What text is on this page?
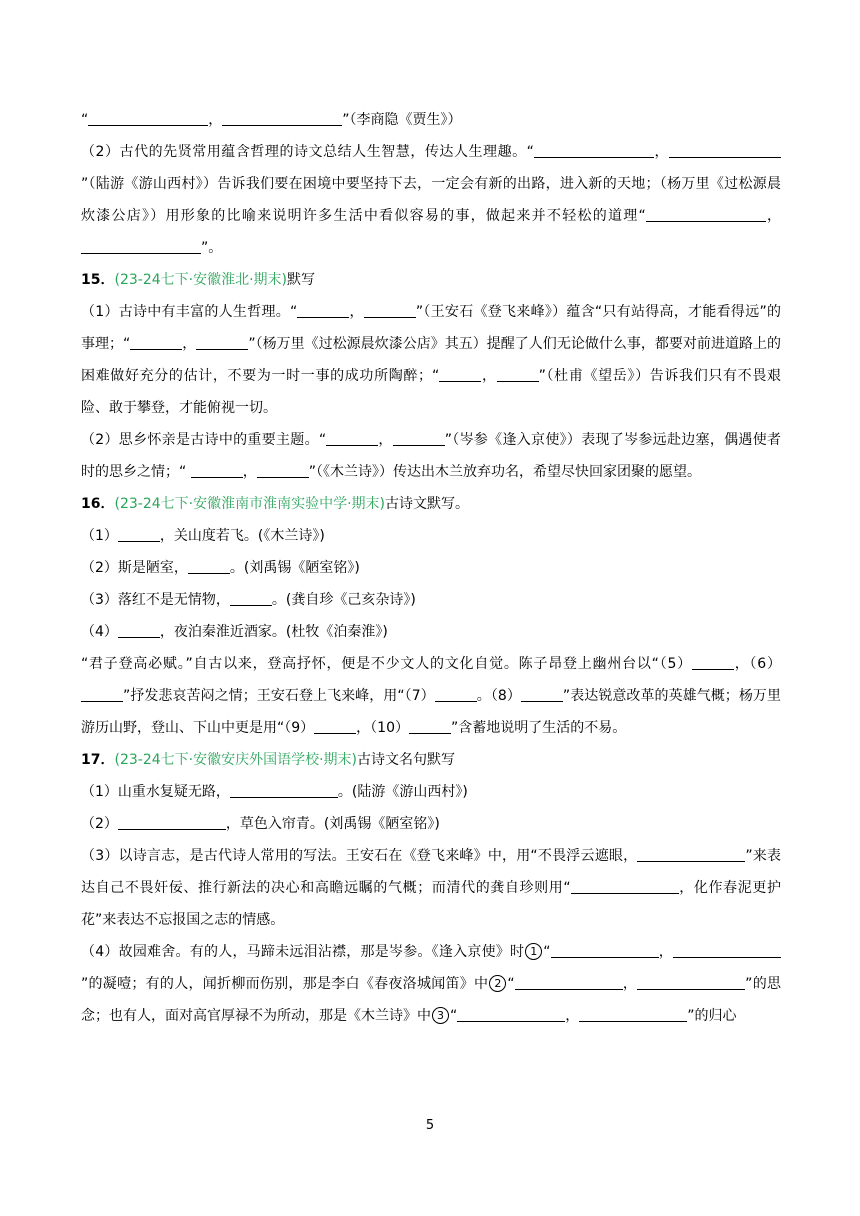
“	，	”（李商隐《贾生》）

（2）古代的先贤常用蕴含哲理的诗文总结人生智慧，传达人生理趣。“	，”（陆游《游山西村》）告诉我们要在困境中要坚持下去，一定会有新的出路，进入新的天地；（杨万里《过松源晨炊漆公店》）用形象的比喻来说明许多生活中看似容易的事，做起来并不轻松的道理“	，”。

15．(23-24七下·安徽淮北·期末)默写

（1）古诗中有丰富的人生哲理。“	，	”（王安石《登飞来峰》）蕴含“只有站得高，才能看得远”的事理；“	，	”（杨万里《过松源晨炊漆公店》其五）提醒了人们无论做什么事，都要对前进道路上的困难做好充分的估计，不要为一时一事的成功所陶醉；“	，	”（杜甫《望岳》）告诉我们只有不畏艰险、敢于攀登，才能俯视一切。

（2）思乡怀亲是古诗中的重要主题。“	，	”（岑参《逢入京使》）表现了岑参远赴边塞，偶遇使者时的思乡之情；“	，	”（《木兰诗》）传达出木兰放弃功名，希望尽快回家团聚的愿望。

16．(23-24七下·安徽淮南市淮南实验中学·期末)古诗文默写。

（1）	，关山度若飞。(《木兰诗》)

（2）斯是陋室，	。(刘禹锡《陋室铭》)

（3）落红不是无情物，	。(龚自珍《己亥杂诗》)

（4）	，夜泊秦淮近酒家。(杜牧《泊秦淮》)

“君子登高必赋。”自古以来，登高抒怀，便是不少文人的文化自觉。陈子昂登上幽州台以“（5）	，（6）”抒发悲哀苦闷之情；王安石登上飞来峰，用“（7）	。（8）	”表达锐意改革的英雄气概；杨万里游历山野，登山、下山中更是用“（9）	，（10）	”含蓄地说明了生活的不易。

17．(23-24七下·安徽安庆外国语学校·期末)古诗文名句默写

（1）山重水复疑无路，	。(陆游《游山西村》)

（2）	，草色入帘青。(刘禹锡《陋室铭》)

（3）以诗言志，是古代诗人常用的写法。王安石在《登飞来峰》中，用“不畏浮云遮眼，	”来表达自己不畏奸佞、推行新法的决心和高瞻远瞩的气概；而清代的龚自珍则用“	，化作春泥更护花”来表达不忘报国之志的情感。

（4）故园难舍。有的人，马蹄未远泪沾襟，那是岑参。《逢入京使》时 1 “	，”的凝噎；有的人，闻折柳而伤别，那是李白《春夜洛城闻笛》中 2 “	，	”的思念；也有人，面对高官厚禄不为所动，那是《木兰诗》中 3 “	，	”的归心

5
